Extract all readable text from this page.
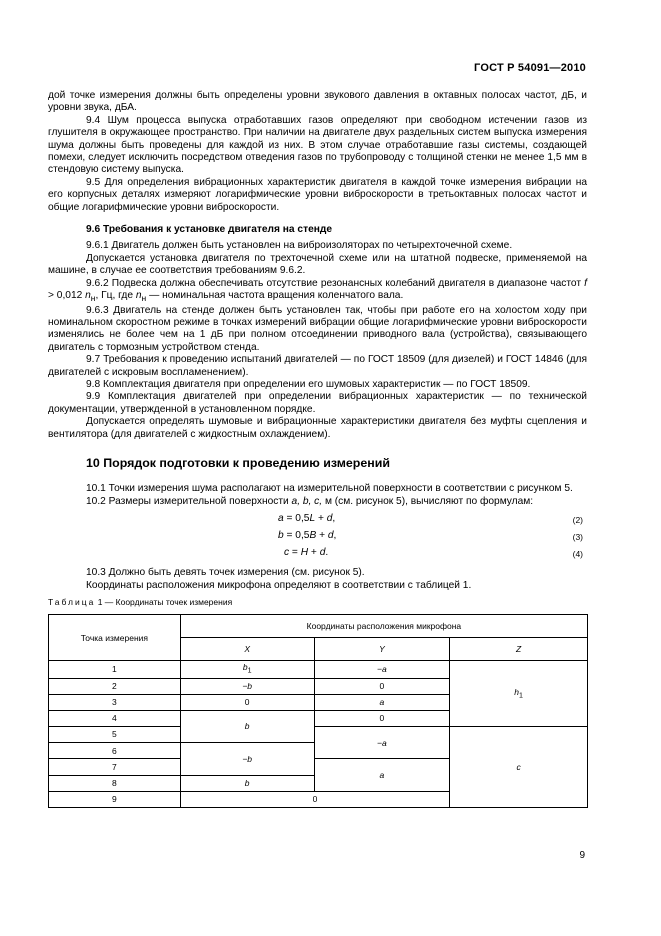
ГОСТ Р 54091—2010

дой точке измерения должны быть определены уровни звукового давления в октавных полосах частот, дБ, и уровни звука, дБА.

9.4 Шум процесса выпуска отработавших газов определяют при свободном истечении газов из глушителя в окружающее пространство. При наличии на двигателе двух раздельных систем выпуска измерения шума должны быть проведены для каждой из них. В этом случае отработавшие газы системы, создающей помехи, следует исключить посредством отведения газов по трубопроводу с толщиной стенки не менее 1,5 мм в стендовую систему выпуска.

9.5 Для определения вибрационных характеристик двигателя в каждой точке измерения вибрации на его корпусных деталях измеряют логарифмические уровни виброскорости в третьоктавных полосах частот и общие логарифмические уровни виброскорости.

9.6 Требования к установке двигателя на стенде

9.6.1 Двигатель должен быть установлен на виброизоляторах по четырехточечной схеме.

Допускается установка двигателя по трехточечной схеме или на штатной подвеске, применяемой на машине, в случае ее соответствия требованиям 9.6.2.

9.6.2 Подвеска должна обеспечивать отсутствие резонансных колебаний двигателя в диапазоне частот f > 0,012 $n_н$, Гц, где $n_н$ — номинальная частота вращения коленчатого вала.

9.6.3 Двигатель на стенде должен быть установлен так, чтобы при работе его на холостом ходу при номинальном скоростном режиме в точках измерений вибрации общие логарифмические уровни виброскорости изменялись не более чем на 1 дБ при полном отсоединении приводного вала (устройства), связывающего двигатель с тормозным устройством стенда.

9.7 Требования к проведению испытаний двигателей — по ГОСТ 18509 (для дизелей) и ГОСТ 14846 (для двигателей с искровым воспламенением).

9.8 Комплектация двигателя при определении его шумовых характеристик — по ГОСТ 18509.

9.9 Комплектация двигателей при определении вибрационных характеристик — по технической документации, утвержденной в установленном порядке.

Допускается определять шумовые и вибрационные характеристики двигателя без муфты сцепления и вентилятора (для двигателей с жидкостным охлаждением).

10 Порядок подготовки к проведению измерений

10.1 Точки измерения шума располагают на измерительной поверхности в соответствии с рисунком 5.

10.2 Размеры измерительной поверхности a, b, c, м (см. рисунок 5), вычисляют по формулам:

a = 0,5L + d,	(2)
b = 0,5B + d,	(3)
c = H + d.	(4)

10.3 Должно быть девять точек измерения (см. рисунок 5).

Координаты расположения микрофона определяют в соответствии с таблицей 1.

Таблица 1 — Координаты точек измерения

Точка измерения	Координаты расположения микрофона		
	X	Y	Z
1	$b_1$	−a	$h_1$
2	−b	0	
3	0	a	
4	b	0	
5		−a	c
6	−b		
7		a	
8	b		
9	0		
9
